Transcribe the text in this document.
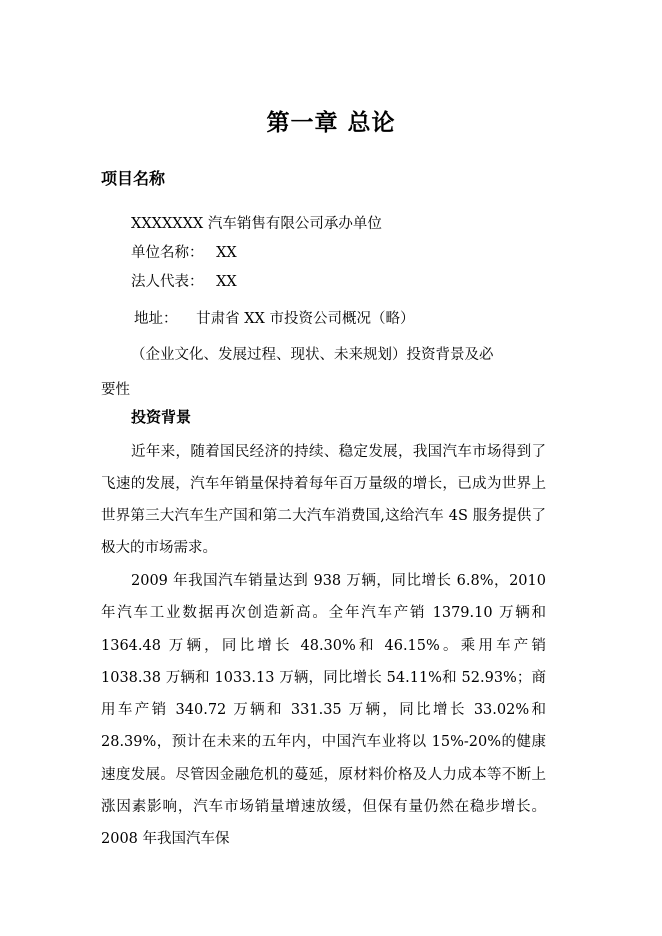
第一章 总论
项目名称
XXXXXXX 汽车销售有限公司承办单位
单位名称： XX
法人代表： XX
地址： 甘肃省 XX 市投资公司概况（略）
（企业文化、发展过程、现状、未来规划）投资背景及必
要性
投资背景
近年来，随着国民经济的持续、稳定发展，我国汽车市场得到了飞速的发展，汽车年销量保持着每年百万量级的增长，已成为世界上世界第三大汽车生产国和第二大汽车消费国,这给汽车 4S 服务提供了极大的市场需求。
2009 年我国汽车销量达到 938 万辆，同比增长 6.8%，2010 年汽车工业数据再次创造新高。全年汽车产销 1379.10 万辆和 1364.48 万辆，同比增长 48.30%和 46.15%。乘用车产销 1038.38 万辆和 1033.13 万辆，同比增长 54.11%和 52.93%；商用车产销 340.72 万辆和 331.35 万辆，同比增长 33.02%和 28.39%，预计在未来的五年内，中国汽车业将以 15%-20%的健康速度发展。尽管因金融危机的蔓延，原材料价格及人力成本等不断上涨因素影响，汽车市场销量增速放缓，但保有量仍然在稳步增长。2008 年我国汽车保
